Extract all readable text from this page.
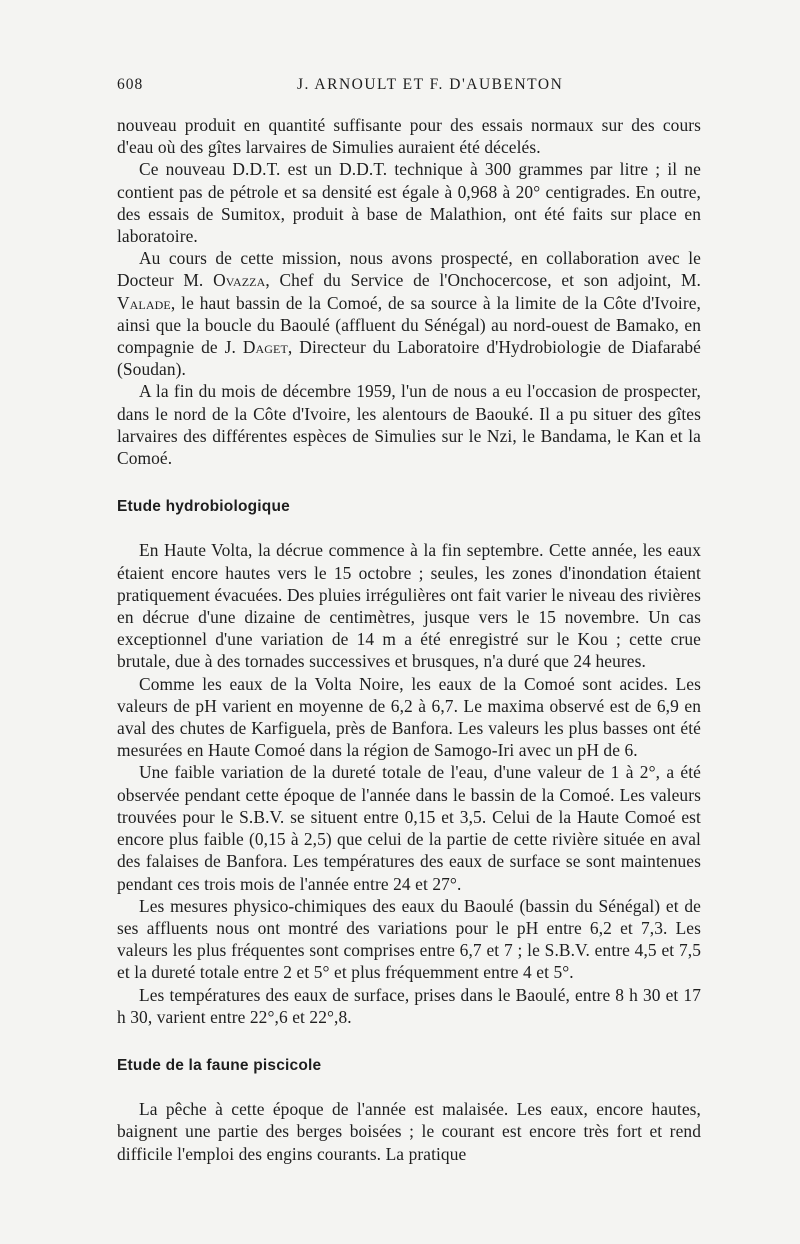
608	J. ARNOULT ET F. D'AUBENTON

nouveau produit en quantité suffisante pour des essais normaux sur des cours d'eau où des gîtes larvaires de Simulies auraient été décelés.

Ce nouveau D.D.T. est un D.D.T. technique à 300 grammes par litre ; il ne contient pas de pétrole et sa densité est égale à 0,968 à 20° centigrades. En outre, des essais de Sumitox, produit à base de Malathion, ont été faits sur place en laboratoire.

Au cours de cette mission, nous avons prospecté, en collaboration avec le Docteur M. Ovazza, Chef du Service de l'Onchocercose, et son adjoint, M. Valade, le haut bassin de la Comoé, de sa source à la limite de la Côte d'Ivoire, ainsi que la boucle du Baoulé (affluent du Sénégal) au nord-ouest de Bamako, en compagnie de J. Daget, Directeur du Laboratoire d'Hydrobiologie de Diafarabé (Soudan).

A la fin du mois de décembre 1959, l'un de nous a eu l'occasion de prospecter, dans le nord de la Côte d'Ivoire, les alentours de Baouké. Il a pu situer des gîtes larvaires des différentes espèces de Simulies sur le Nzi, le Bandama, le Kan et la Comoé.

Etude hydrobiologique

En Haute Volta, la décrue commence à la fin septembre. Cette année, les eaux étaient encore hautes vers le 15 octobre ; seules, les zones d'inondation étaient pratiquement évacuées. Des pluies irrégulières ont fait varier le niveau des rivières en décrue d'une dizaine de centimètres, jusque vers le 15 novembre. Un cas exceptionnel d'une variation de 14 m a été enregistré sur le Kou ; cette crue brutale, due à des tornades successives et brusques, n'a duré que 24 heures.

Comme les eaux de la Volta Noire, les eaux de la Comoé sont acides. Les valeurs de pH varient en moyenne de 6,2 à 6,7. Le maxima observé est de 6,9 en aval des chutes de Karfiguela, près de Banfora. Les valeurs les plus basses ont été mesurées en Haute Comoé dans la région de Samogo-Iri avec un pH de 6.

Une faible variation de la dureté totale de l'eau, d'une valeur de 1 à 2°, a été observée pendant cette époque de l'année dans le bassin de la Comoé. Les valeurs trouvées pour le S.B.V. se situent entre 0,15 et 3,5. Celui de la Haute Comoé est encore plus faible (0,15 à 2,5) que celui de la partie de cette rivière située en aval des falaises de Banfora. Les températures des eaux de surface se sont maintenues pendant ces trois mois de l'année entre 24 et 27°.

Les mesures physico-chimiques des eaux du Baoulé (bassin du Sénégal) et de ses affluents nous ont montré des variations pour le pH entre 6,2 et 7,3. Les valeurs les plus fréquentes sont comprises entre 6,7 et 7 ; le S.B.V. entre 4,5 et 7,5 et la dureté totale entre 2 et 5° et plus fréquemment entre 4 et 5°.

Les températures des eaux de surface, prises dans le Baoulé, entre 8 h 30 et 17 h 30, varient entre 22°,6 et 22°,8.

Etude de la faune piscicole

La pêche à cette époque de l'année est malaisée. Les eaux, encore hautes, baignent une partie des berges boisées ; le courant est encore très fort et rend difficile l'emploi des engins courants. La pratique
